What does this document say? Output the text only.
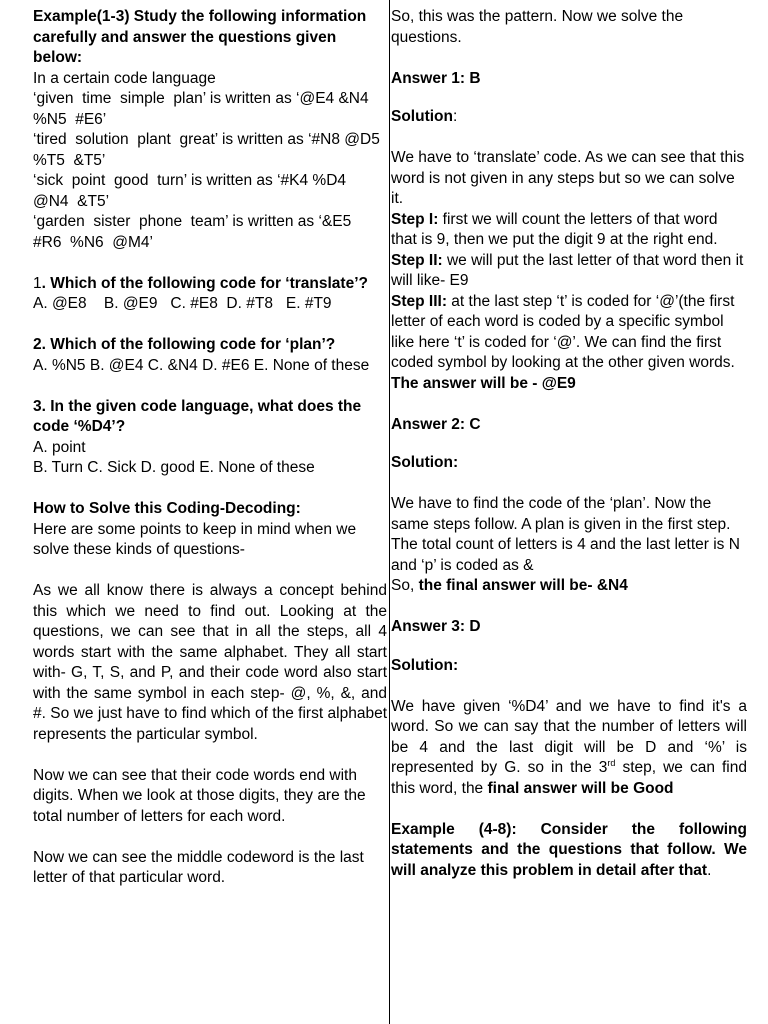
Example(1-3) Study the following information carefully and answer the questions given below:

In a certain code language

‘given  time  simple  plan’ is written as ‘@E4 &N4  %N5  #E6’

‘tired  solution  plant  great’ is written as ‘#N8 @D5  %T5  &T5’

‘sick  point  good  turn’ is written as ‘#K4 %D4  @N4  &T5’

‘garden  sister  phone  team’ is written as ‘&E5  #R6  %N6  @M4’

1. Which of the following code for ‘translate’?

A. @E8    B. @E9   C. #E8  D. #T8   E. #T9

2. Which of the following code for ‘plan’?

A. %N5 B. @E4 C. &N4 D. #E6 E. None of these

3. In the given code language, what does the code ‘%D4’?

A. point

B. Turn C. Sick D. good E. None of these

How to Solve this Coding-Decoding:

Here are some points to keep in mind when we solve these kinds of questions-

As we all know there is always a concept behind this which we need to find out. Looking at the questions, we can see that in all the steps, all 4 words start with the same alphabet. They all start with- G, T, S, and P, and their code word also start with the same symbol in each step- @, %, &, and #. So we just have to find which of the first alphabet represents the particular symbol.

Now we can see that their code words end with digits. When we look at those digits, they are the total number of letters for each word.

Now we can see the middle codeword is the last letter of that particular word.

So, this was the pattern. Now we solve the questions.

Answer 1: B

Solution:

We have to ‘translate’ code. As we can see that this word is not given in any steps but so we can solve it.

Step I: first we will count the letters of that word that is 9, then we put the digit 9 at the right end.

Step II: we will put the last letter of that word then it will like- E9

Step III: at the last step ‘t’ is coded for ‘@’(the first letter of each word is coded by a specific symbol like here ‘t’ is coded for ‘@’. We can find the first coded symbol by looking at the other given words. The answer will be - @E9

Answer 2: C

Solution:

We have to find the code of the ‘plan’. Now the same steps follow. A plan is given in the first step. The total count of letters is 4 and the last letter is N and ‘p’ is coded as &

So, the final answer will be- &N4

Answer 3: D

Solution:

We have given ‘%D4’ and we have to find it's a word. So we can say that the number of letters will be 4 and the last digit will be D and ‘%’ is represented by G. so in the 3rd step, we can find this word, the final answer will be Good

Example (4-8): Consider the following statements and the questions that follow. We will analyze this problem in detail after that.
